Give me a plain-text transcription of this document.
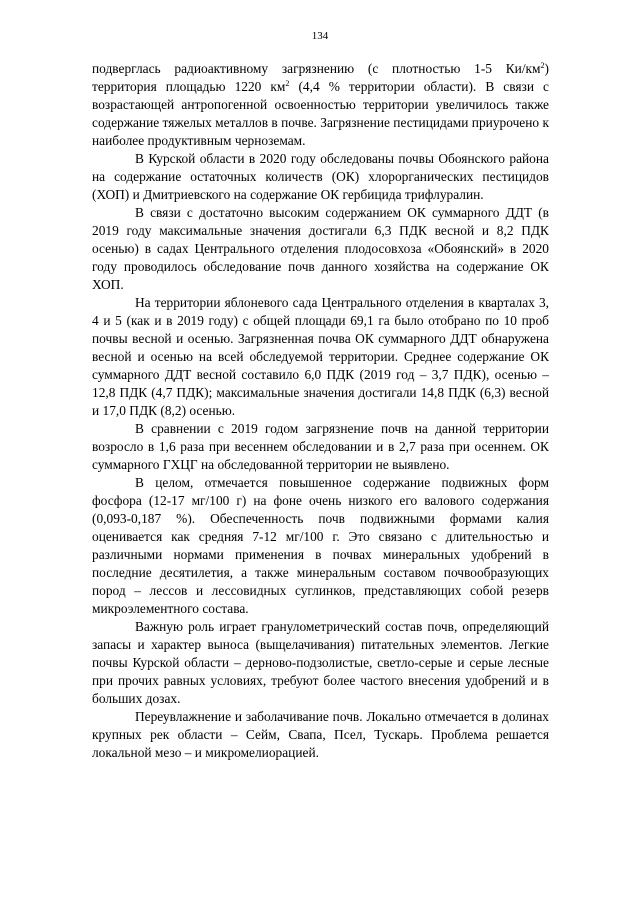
134

подверглась радиоактивному загрязнению (с плотностью 1-5 $Ки/км^2$) территория площадью 1220 $км^2$ (4,4 % территории области). В связи с возрастающей антропогенной освоенностью территории увеличилось также содержание тяжелых металлов в почве. Загрязнение пестицидами приурочено к наиболее продуктивным черноземам.

В Курской области в 2020 году обследованы почвы Обоянского района на содержание остаточных количеств (ОК) хлорорганических пестицидов (ХОП) и Дмитриевского на содержание ОК гербицида трифлуралин.

В связи с достаточно высоким содержанием ОК суммарного ДДТ (в 2019 году максимальные значения достигали 6,3 ПДК весной и 8,2 ПДК осенью) в садах Центрального отделения плодосовхоза «Обоянский» в 2020 году проводилось обследование почв данного хозяйства на содержание ОК ХОП.

На территории яблоневого сада Центрального отделения в кварталах 3, 4 и 5 (как и в 2019 году) с общей площади 69,1 га было отобрано по 10 проб почвы весной и осенью. Загрязненная почва ОК суммарного ДДТ обнаружена весной и осенью на всей обследуемой территории. Среднее содержание ОК суммарного ДДТ весной составило 6,0 ПДК (2019 год – 3,7 ПДК), осенью – 12,8 ПДК (4,7 ПДК); максимальные значения достигали 14,8 ПДК (6,3) весной и 17,0 ПДК (8,2) осенью.

В сравнении с 2019 годом загрязнение почв на данной территории возросло в 1,6 раза при весеннем обследовании и в 2,7 раза при осеннем. ОК суммарного ГХЦГ на обследованной территории не выявлено.

В целом, отмечается повышенное содержание подвижных форм фосфора (12-17 мг/100 г) на фоне очень низкого его валового содержания (0,093-0,187 %). Обеспеченность почв подвижными формами калия оценивается как средняя 7-12 мг/100 г. Это связано с длительностью и различными нормами применения в почвах минеральных удобрений в последние десятилетия, а также минеральным составом почвообразующих пород – лессов и лессовидных суглинков, представляющих собой резерв микроэлементного состава.

Важную роль играет гранулометрический состав почв, определяющий запасы и характер выноса (выщелачивания) питательных элементов. Легкие почвы Курской области – дерново-подзолистые, светло-серые и серые лесные при прочих равных условиях, требуют более частого внесения удобрений и в больших дозах.

Переувлажнение и заболачивание почв. Локально отмечается в долинах крупных рек области – Сейм, Свапа, Псел, Тускарь. Проблема решается локальной мезо – и микромелиорацией.
